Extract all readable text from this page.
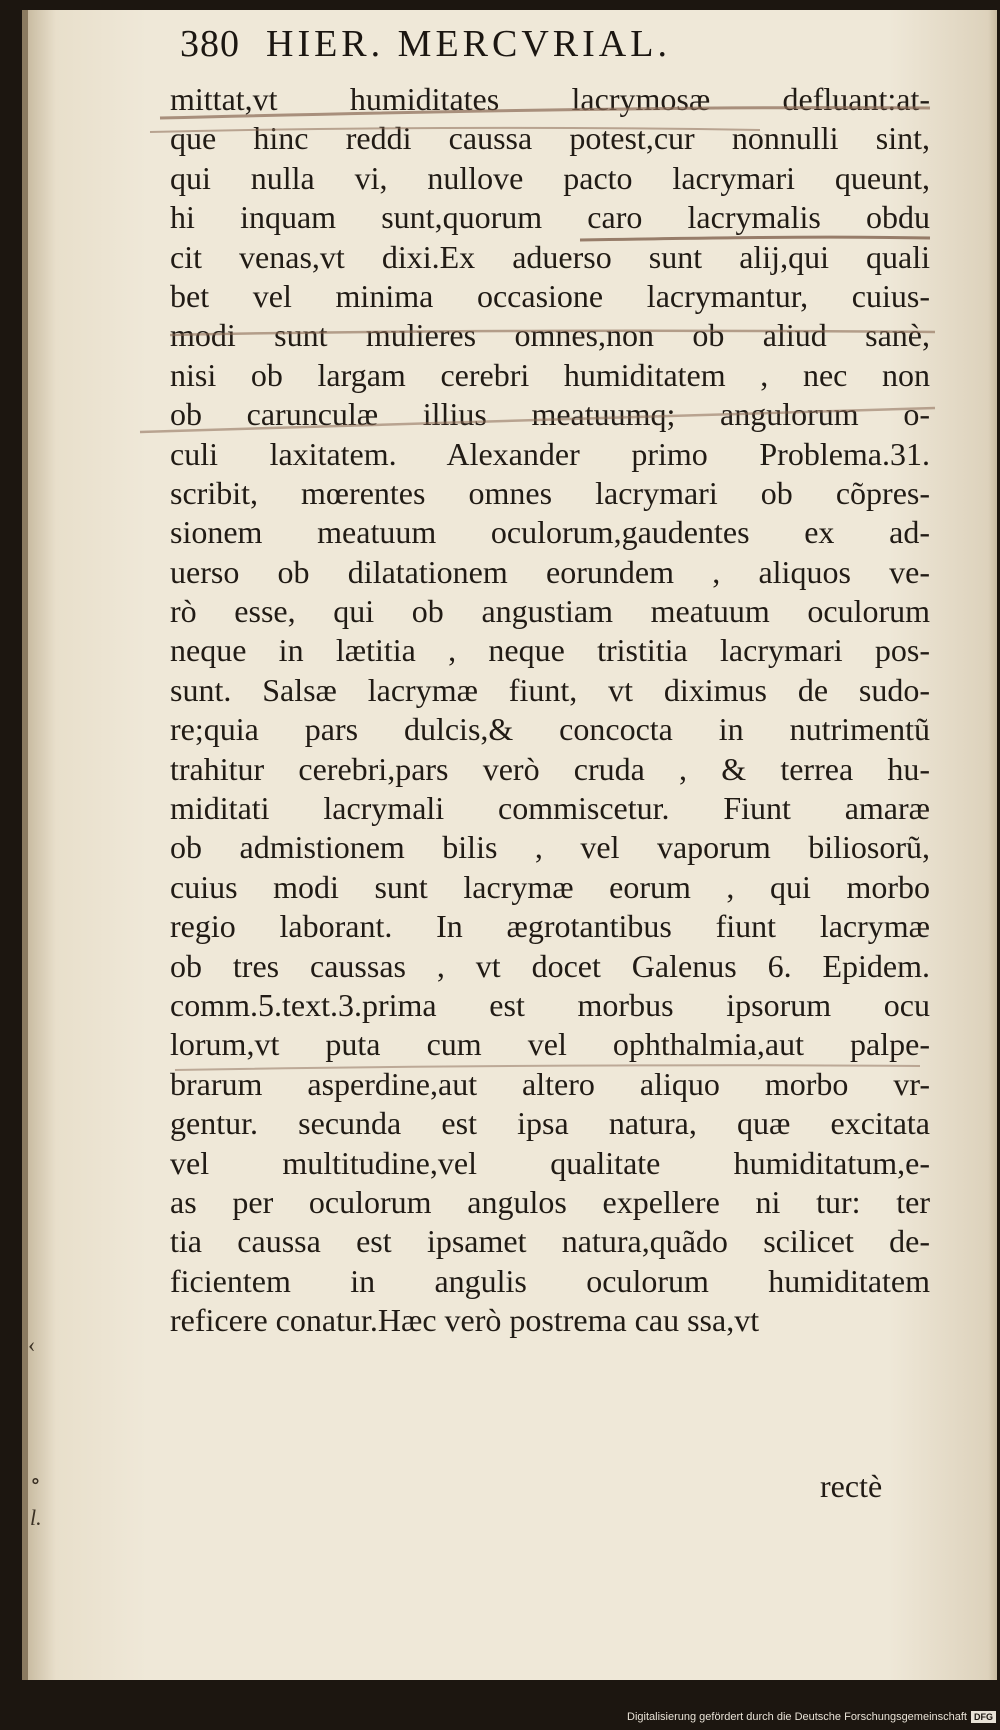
380 HIER. MERCVRIAL.
mittat,vt humiditates lacrymosæ defluant:at-
que hinc reddi caussa potest,cur nonnulli sint,
qui nulla vi, nullove pacto lacrymari queunt,
hi inquam sunt,quorum caro lacrymalis obdu
cit venas,vt dixi.Ex aduerso sunt alij,qui quali
bet vel minima occasione lacrymantur, cuius-
modi sunt mulieres omnes,non ob aliud sanè,
nisi ob largam cerebri humiditatem , nec non
ob carunculæ illius meatuumq; angulorum o-
culi laxitatem. Alexander primo Problema.31.
scribit, mœrentes omnes lacrymari ob cõpres-
sionem meatuum oculorum,gaudentes ex ad-
uerso ob dilatationem eorundem , aliquos ve-
rò esse, qui ob angustiam meatuum oculorum
neque in lætitia , neque tristitia lacrymari pos-
sunt. Salsæ lacrymæ fiunt, vt diximus de sudo-
re;quia pars dulcis,& concocta in nutrimentũ
trahitur cerebri,pars verò cruda , & terrea hu-
miditati lacrymali commiscetur. Fiunt amaræ
ob admistionem bilis , vel vaporum biliosorũ,
cuius modi sunt lacrymæ eorum , qui morbo
regio laborant. In ægrotantibus fiunt lacrymæ
ob tres caussas , vt docet Galenus 6. Epidem.
comm.5.text.3.prima est morbus ipsorum ocu
lorum,vt puta cum vel ophthalmia,aut palpe-
brarum asperdine,aut altero aliquo morbo vr-
gentur. secunda est ipsa natura, quæ excitata
vel multitudine,vel qualitate humiditatum,e-
as per oculorum angulos expellere ni tur: ter
tia caussa est ipsamet natura,quãdo scilicet de-
ficientem in angulis oculorum humiditatem
reficere conatur.Hæc verò postrema cau ssa,vt
rectè
‹
∘
l.
Digitalisierung gefördert durch die Deutsche Forschungsgemeinschaft DFG
